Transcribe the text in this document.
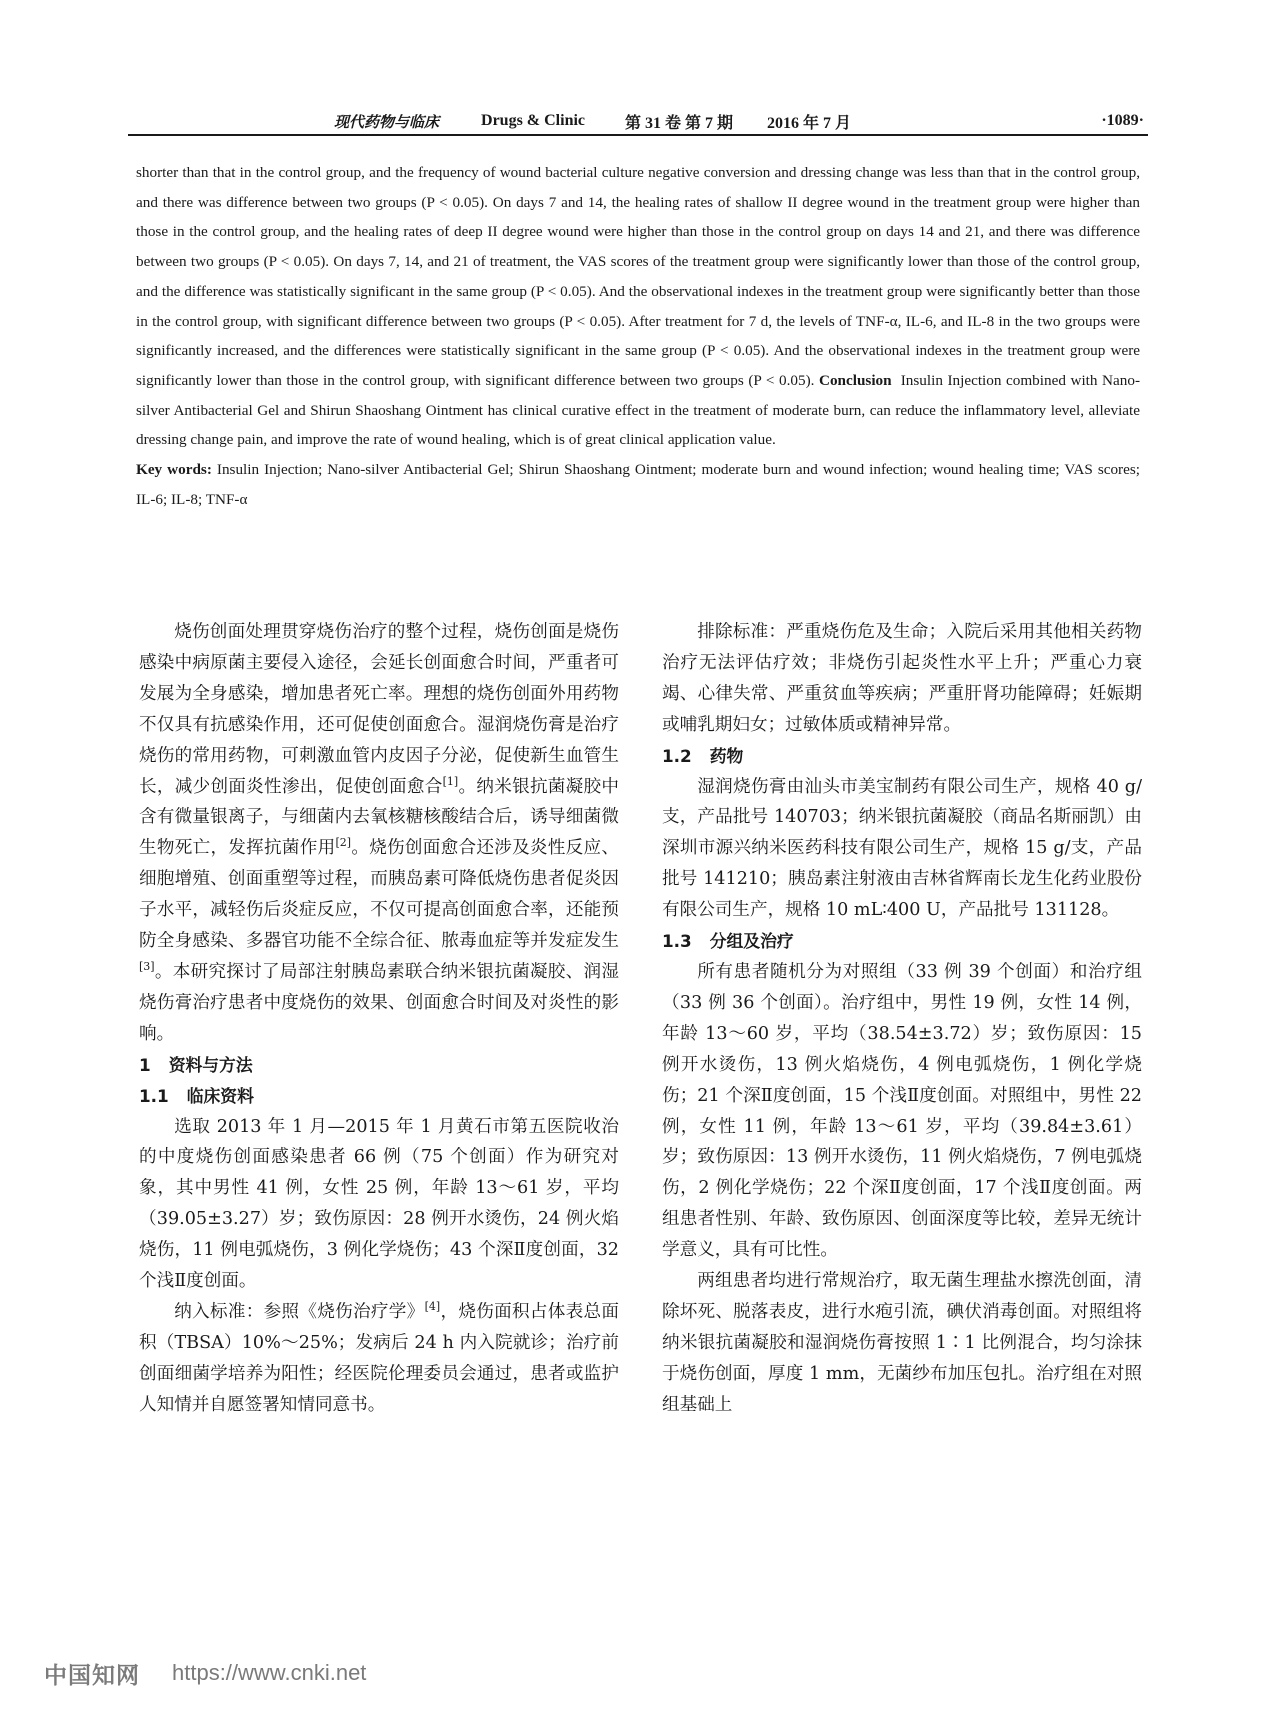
现代药物与临床	Drugs & Clinic	第 31 卷 第 7 期 2016 年 7 月	·1089·

shorter than that in the control group, and the frequency of wound bacterial culture negative conversion and dressing change was less than that in the control group, and there was difference between two groups (P < 0.05). On days 7 and 14, the healing rates of shallow II degree wound in the treatment group were higher than those in the control group, and the healing rates of deep II degree wound were higher than those in the control group on days 14 and 21, and there was difference between two groups (P < 0.05). On days 7, 14, and 21 of treatment, the VAS scores of the treatment group were significantly lower than those of the control group, and the difference was statistically significant in the same group (P < 0.05). And the observational indexes in the treatment group were significantly better than those in the control group, with significant difference between two groups (P < 0.05). After treatment for 7 d, the levels of TNF-α, IL-6, and IL-8 in the two groups were significantly increased, and the differences were statistically significant in the same group (P < 0.05). And the observational indexes in the treatment group were significantly lower than those in the control group, with significant difference between two groups (P < 0.05). Conclusion Insulin Injection combined with Nano-silver Antibacterial Gel and Shirun Shaoshang Ointment has clinical curative effect in the treatment of moderate burn, can reduce the inflammatory level, alleviate dressing change pain, and improve the rate of wound healing, which is of great clinical application value.

Key words: Insulin Injection; Nano-silver Antibacterial Gel; Shirun Shaoshang Ointment; moderate burn and wound infection; wound healing time; VAS scores; IL-6; IL-8; TNF-α

烧伤创面处理贯穿烧伤治疗的整个过程，烧伤创面是烧伤感染中病原菌主要侵入途径，会延长创面愈合时间，严重者可发展为全身感染，增加患者死亡率。理想的烧伤创面外用药物不仅具有抗感染作用，还可促使创面愈合。湿润烧伤膏是治疗烧伤的常用药物，可刺激血管内皮因子分泌，促使新生血管生长，减少创面炎性渗出，促使创面愈合[1]。纳米银抗菌凝胶中含有微量银离子，与细菌内去氧核糖核酸结合后，诱导细菌微生物死亡，发挥抗菌作用[2]。烧伤创面愈合还涉及炎性反应、细胞增殖、创面重塑等过程，而胰岛素可降低烧伤患者促炎因子水平，减轻伤后炎症反应，不仅可提高创面愈合率，还能预防全身感染、多器官功能不全综合征、脓毒血症等并发症发生[3]。本研究探讨了局部注射胰岛素联合纳米银抗菌凝胶、润湿烧伤膏治疗患者中度烧伤的效果、创面愈合时间及对炎性的影响。

1 资料与方法
1.1 临床资料

选取 2013 年 1 月—2015 年 1 月黄石市第五医院收治的中度烧伤创面感染患者 66 例（75 个创面）作为研究对象，其中男性 41 例，女性 25 例，年龄 13～61 岁，平均（39.05±3.27）岁；致伤原因：28 例开水烫伤，24 例火焰烧伤，11 例电弧烧伤，3 例化学烧伤；43 个深Ⅱ度创面，32 个浅Ⅱ度创面。

纳入标准：参照《烧伤治疗学》[4]，烧伤面积占体表总面积（TBSA）10%～25%；发病后 24 h 内入院就诊；治疗前创面细菌学培养为阳性；经医院伦理委员会通过，患者或监护人知情并自愿签署知情同意书。

排除标准：严重烧伤危及生命；入院后采用其他相关药物治疗无法评估疗效；非烧伤引起炎性水平上升；严重心力衰竭、心律失常、严重贫血等疾病；严重肝肾功能障碍；妊娠期或哺乳期妇女；过敏体质或精神异常。

1.2 药物

湿润烧伤膏由汕头市美宝制药有限公司生产，规格 40 g/支，产品批号 140703；纳米银抗菌凝胶（商品名斯丽凯）由深圳市源兴纳米医药科技有限公司生产，规格 15 g/支，产品批号 141210；胰岛素注射液由吉林省辉南长龙生化药业股份有限公司生产，规格 10 mL∶400 U，产品批号 131128。

1.3 分组及治疗

所有患者随机分为对照组（33 例 39 个创面）和治疗组（33 例 36 个创面）。治疗组中，男性 19 例，女性 14 例，年龄 13～60 岁，平均（38.54±3.72）岁；致伤原因：15 例开水烫伤，13 例火焰烧伤，4 例电弧烧伤，1 例化学烧伤；21 个深Ⅱ度创面，15 个浅Ⅱ度创面。对照组中，男性 22 例，女性 11 例，年龄 13～61 岁，平均（39.84±3.61）岁；致伤原因：13 例开水烫伤，11 例火焰烧伤，7 例电弧烧伤，2 例化学烧伤；22 个深Ⅱ度创面，17 个浅Ⅱ度创面。两组患者性别、年龄、致伤原因、创面深度等比较，差异无统计学意义，具有可比性。

两组患者均进行常规治疗，取无菌生理盐水擦洗创面，清除坏死、脱落表皮，进行水疱引流，碘伏消毒创面。对照组将纳米银抗菌凝胶和湿润烧伤膏按照 1∶1 比例混合，均匀涂抹于烧伤创面，厚度 1 mm，无菌纱布加压包扎。治疗组在对照组基础上

中国知网 https://www.cnki.net
